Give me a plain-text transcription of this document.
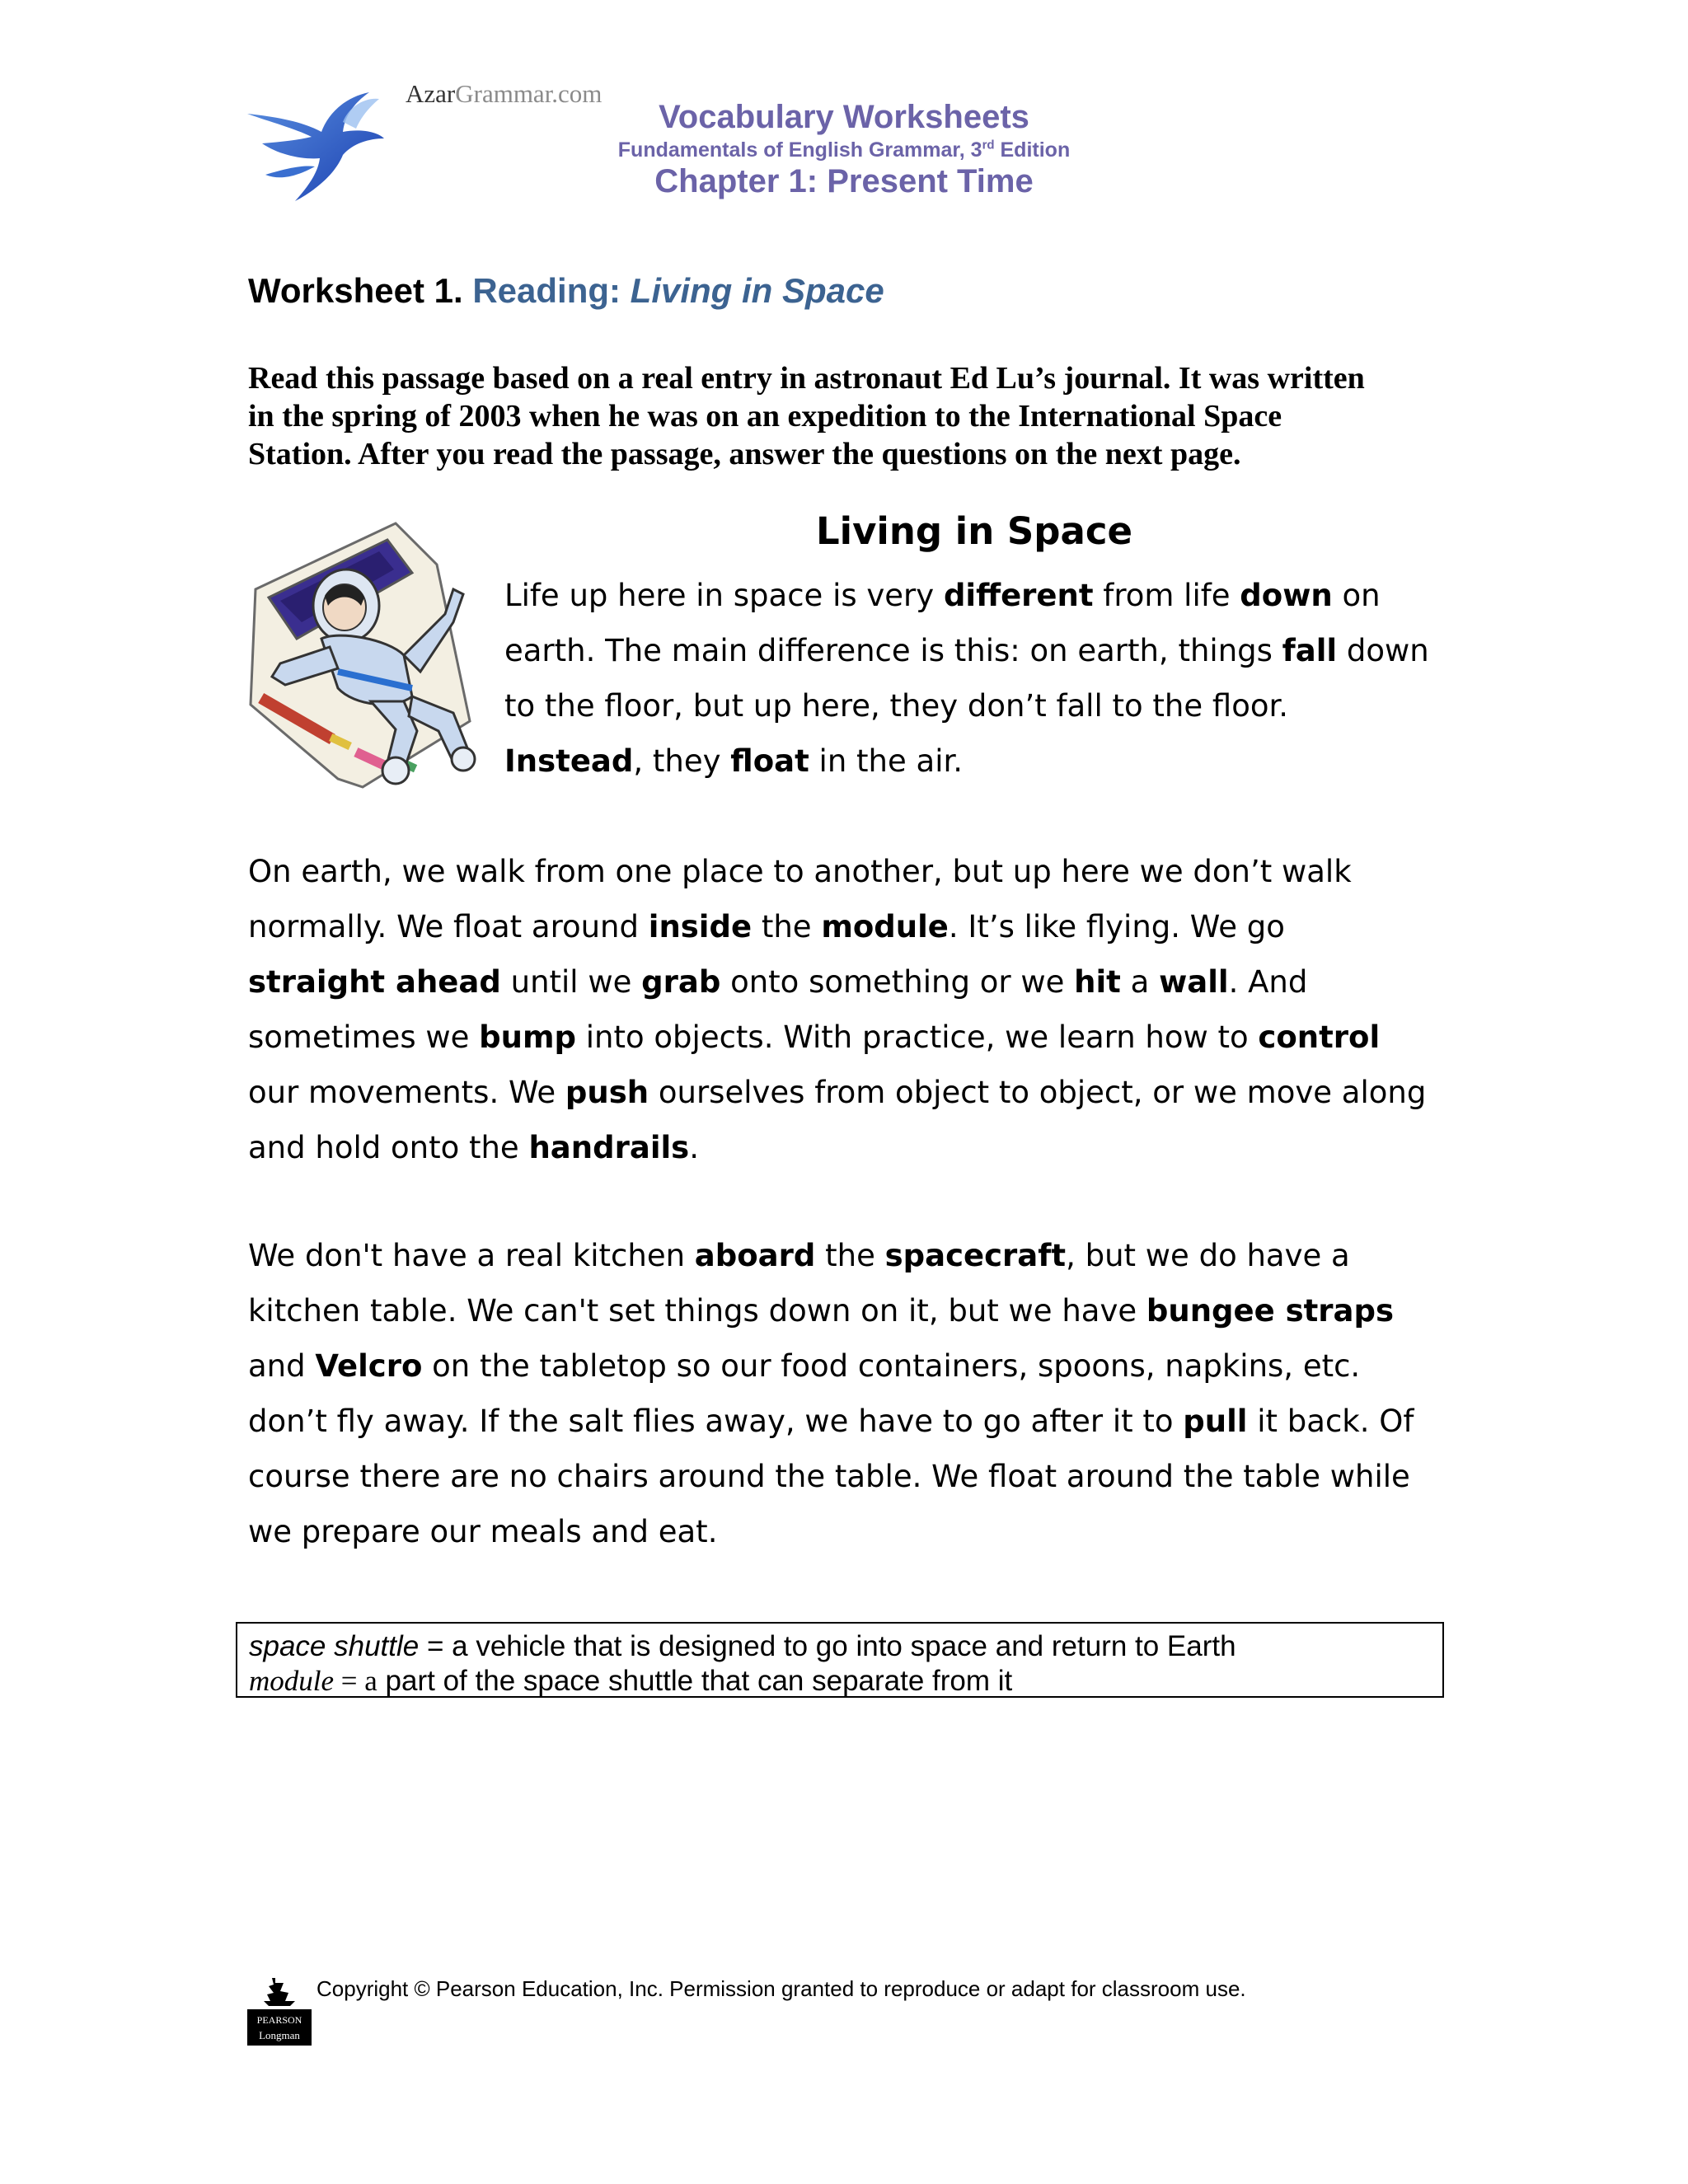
AzarGrammar.com
Vocabulary Worksheets
Fundamentals of English Grammar, 3rd Edition
Chapter 1: Present Time
Worksheet 1. Reading: Living in Space
Read this passage based on a real entry in astronaut Ed Lu’s journal. It was written
in the spring of 2003 when he was on an expedition to the International Space
Station. After you read the passage, answer the questions on the next page.
Living in Space
Life up here in space is very different from life down on
earth. The main difference is this: on earth, things fall down
to the floor, but up here, they don’t fall to the floor.
Instead, they float in the air.
On earth, we walk from one place to another, but up here we don’t walk
normally. We float around inside the module. It’s like flying. We go
straight ahead until we grab onto something or we hit a wall. And
sometimes we bump into objects. With practice, we learn how to control
our movements. We push ourselves from object to object, or we move along
and hold onto the handrails.
We don't have a real kitchen aboard the spacecraft, but we do have a
kitchen table. We can't set things down on it, but we have bungee straps
and Velcro on the tabletop so our food containers, spoons, napkins, etc.
don’t fly away. If the salt flies away, we have to go after it to pull it back. Of
course there are no chairs around the table. We float around the table while
we prepare our meals and eat.
space shuttle = a vehicle that is designed to go into space and return to Earth
module = a part of the space shuttle that can separate from it
PEARSON
Longman
Copyright © Pearson Education, Inc. Permission granted to reproduce or adapt for classroom use.
